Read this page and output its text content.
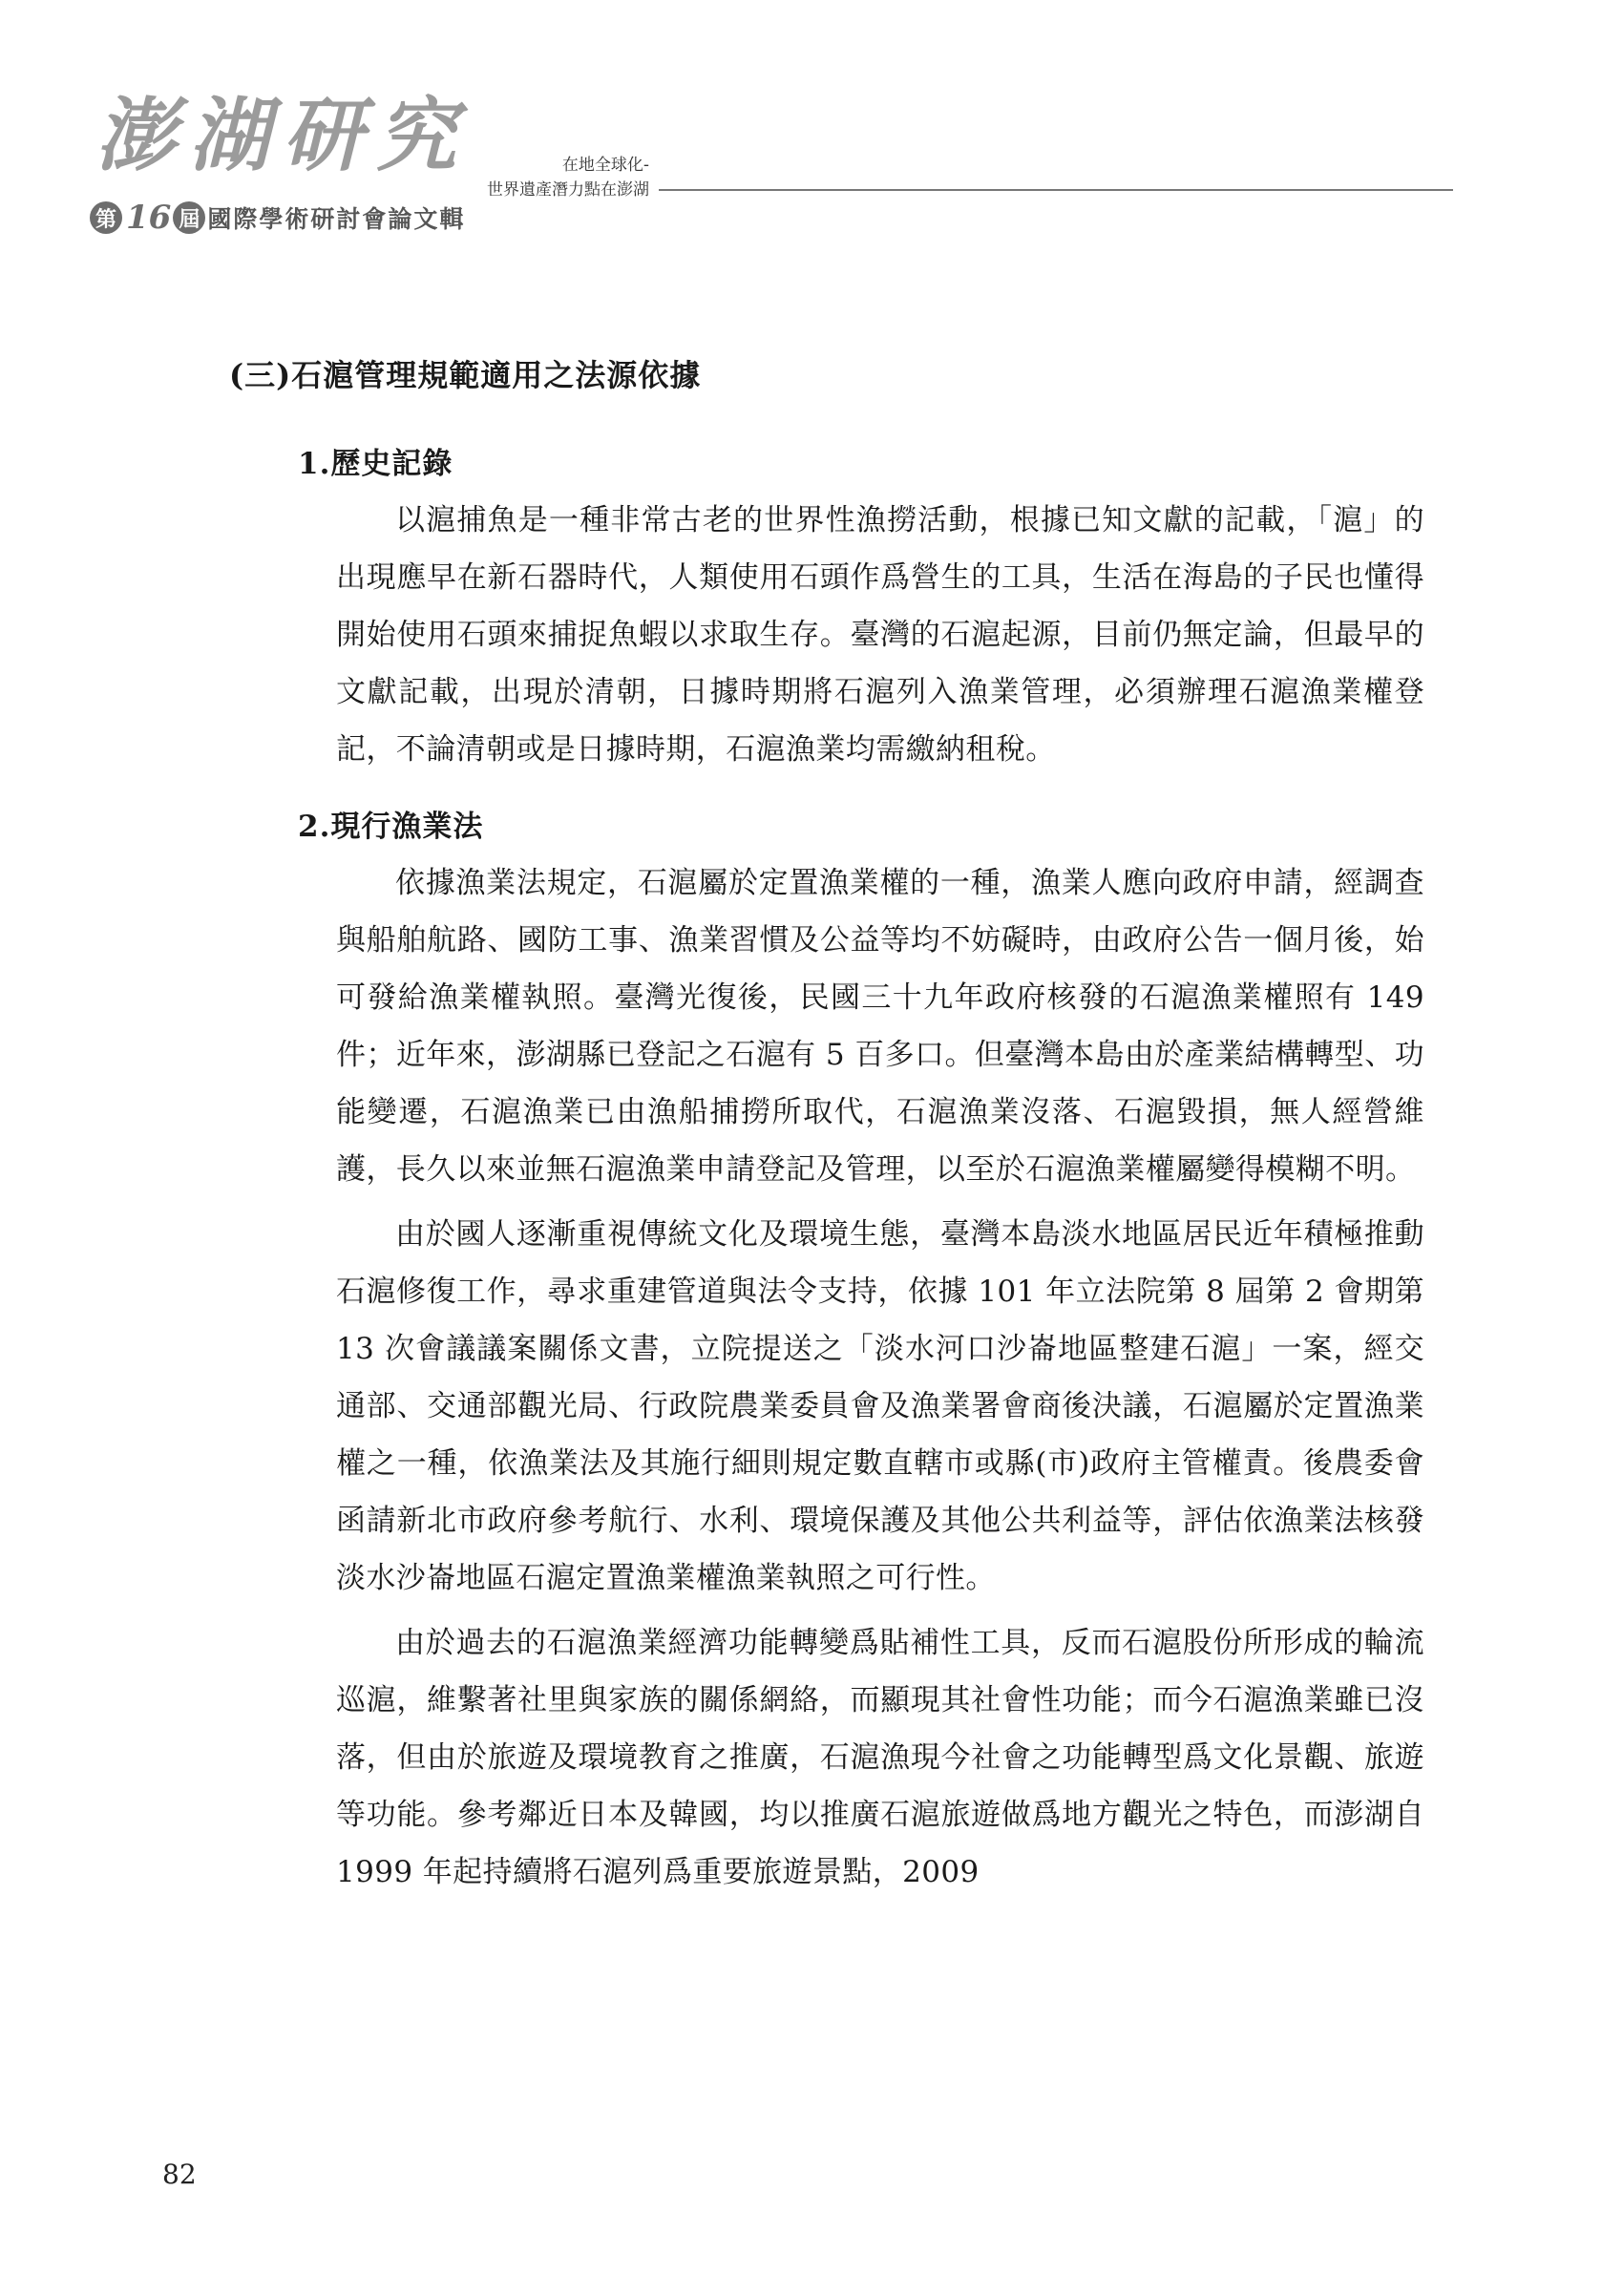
澎湖研究	在地全球化-
世界遺產潛力點在澎湖
第 16 屆 國際學術研討會論文輯
(三)石滬管理規範適用之法源依據
1.歷史記錄

以滬捕魚是一種非常古老的世界性漁撈活動，根據已知文獻的記載，「滬」的出現應早在新石器時代，人類使用石頭作爲營生的工具，生活在海島的子民也懂得開始使用石頭來捕捉魚蝦以求取生存。臺灣的石滬起源，目前仍無定論，但最早的文獻記載，出現於清朝，日據時期將石滬列入漁業管理，必須辦理石滬漁業權登記，不論清朝或是日據時期，石滬漁業均需繳納租稅。

2.現行漁業法

依據漁業法規定，石滬屬於定置漁業權的一種，漁業人應向政府申請，經調查與船舶航路、國防工事、漁業習慣及公益等均不妨礙時，由政府公告一個月後，始可發給漁業權執照。臺灣光復後，民國三十九年政府核發的石滬漁業權照有 149 件；近年來，澎湖縣已登記之石滬有 5 百多口。但臺灣本島由於產業結構轉型、功能變遷，石滬漁業已由漁船捕撈所取代，石滬漁業沒落、石滬毀損，無人經營維護，長久以來並無石滬漁業申請登記及管理，以至於石滬漁業權屬變得模糊不明。

由於國人逐漸重視傳統文化及環境生態，臺灣本島淡水地區居民近年積極推動石滬修復工作，尋求重建管道與法令支持，依據 101 年立法院第 8 屆第 2 會期第 13 次會議議案關係文書，立院提送之「淡水河口沙崙地區整建石滬」一案，經交通部、交通部觀光局、行政院農業委員會及漁業署會商後決議，石滬屬於定置漁業權之一種，依漁業法及其施行細則規定數直轄市或縣(市)政府主管權責。後農委會函請新北市政府參考航行、水利、環境保護及其他公共利益等，評估依漁業法核發淡水沙崙地區石滬定置漁業權漁業執照之可行性。

由於過去的石滬漁業經濟功能轉變爲貼補性工具，反而石滬股份所形成的輪流巡滬，維繫著社里與家族的關係網絡，而顯現其社會性功能；而今石滬漁業雖已沒落，但由於旅遊及環境教育之推廣，石滬漁現今社會之功能轉型爲文化景觀、旅遊等功能。參考鄰近日本及韓國，均以推廣石滬旅遊做爲地方觀光之特色，而澎湖自 1999 年起持續將石滬列爲重要旅遊景點，2009

82
